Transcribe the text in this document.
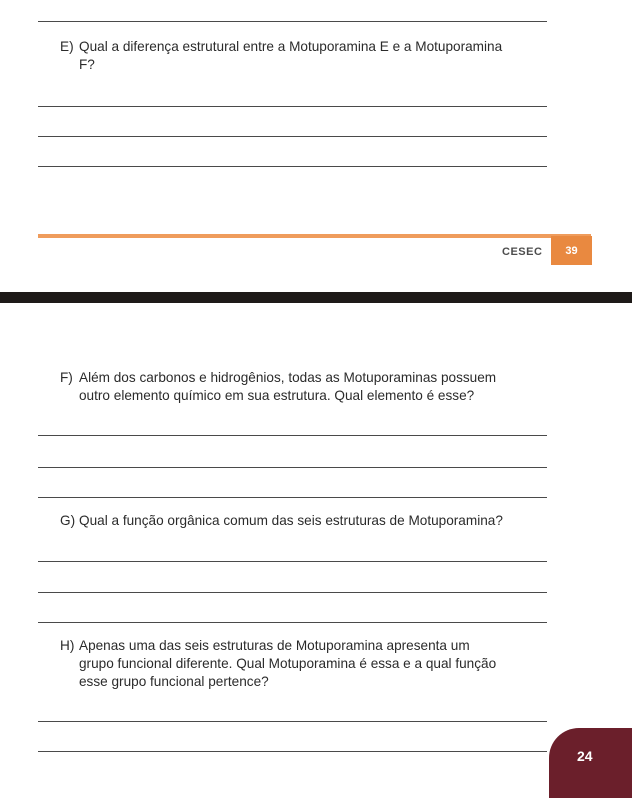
E) Qual a diferença estrutural entre a Motuporamina E e a Motuporamina
F?
CESEC 39
F) Além dos carbonos e hidrogênios, todas as Motuporaminas possuem
outro elemento químico em sua estrutura. Qual elemento é esse?
G) Qual a função orgânica comum das seis estruturas de Motuporamina?
H) Apenas uma das seis estruturas de Motuporamina apresenta um
grupo funcional diferente. Qual Motuporamina é essa e a qual função
esse grupo funcional pertence?
24
